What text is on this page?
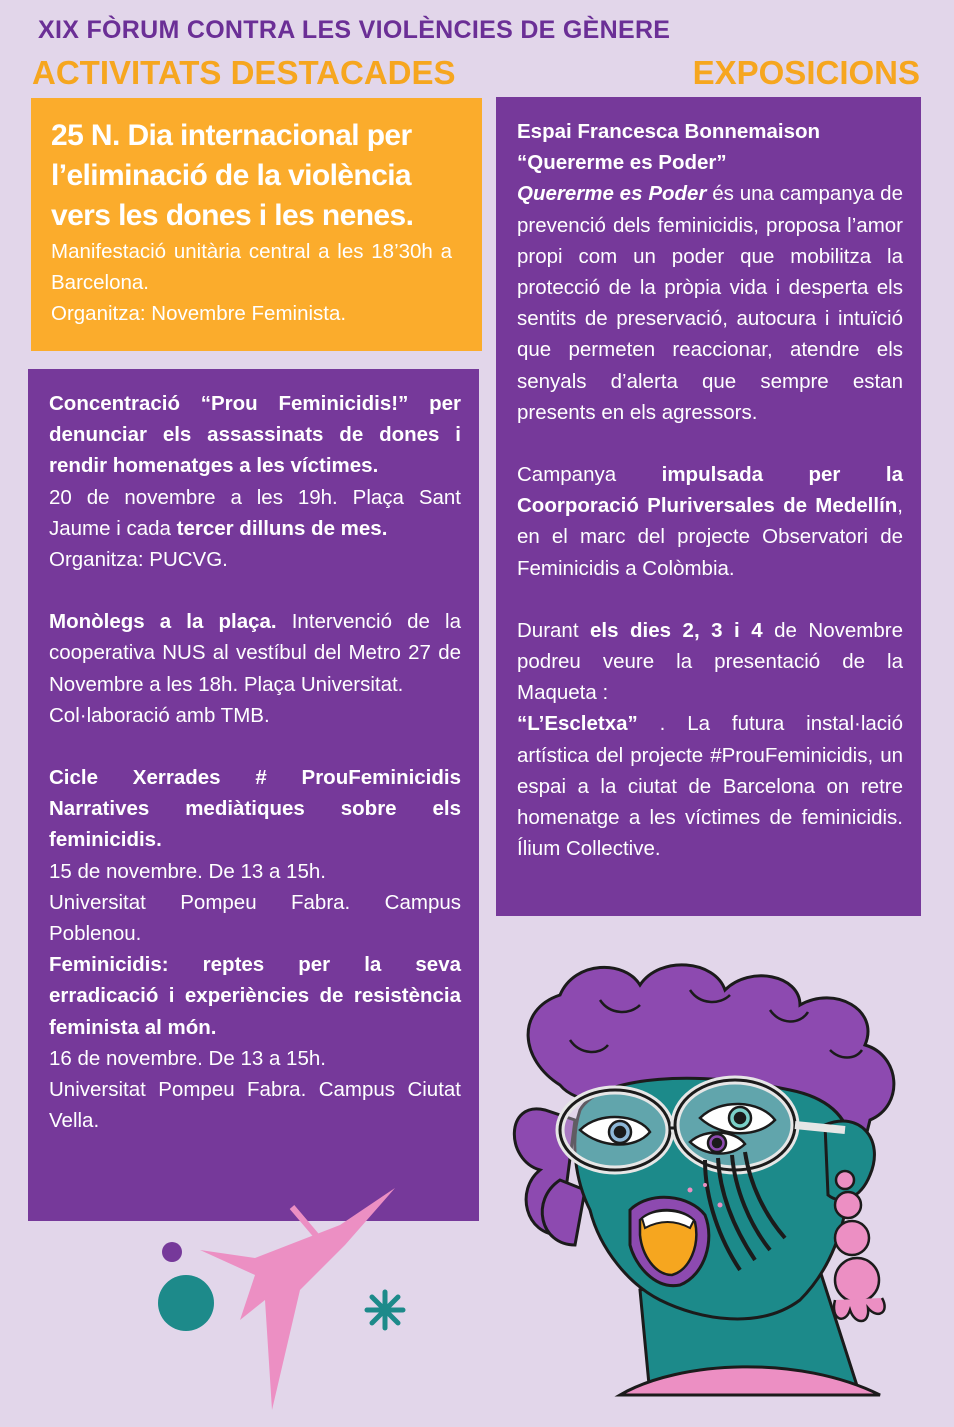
XIX FÒRUM CONTRA LES VIOLÈNCIES DE GÈNERE
ACTIVITATS DESTACADES	EXPOSICIONS
25 N. Dia internacional per l’eliminació de la violència vers les dones i les nenes.

Manifestació unitària central a les 18’30h a Barcelona.

Organitza: Novembre Feminista.

Concentració “Prou Feminicidis!” per denunciar els assassinats de dones i rendir homenatges a les víctimes.

20 de novembre a les 19h. Plaça Sant Jaume i cada tercer dilluns de mes.

Organitza: PUCVG.

Monòlegs a la plaça. Intervenció de la cooperativa NUS al vestíbul del Metro 27 de Novembre a les 18h. Plaça Universitat.

Col·laboració amb TMB.

Cicle Xerrades # ProuFeminicidis Narratives mediàtiques sobre els feminicidis.

15 de novembre. De 13 a 15h.

Universitat Pompeu Fabra. Campus Poblenou.

Feminicidis: reptes per la seva erradicació i experiències de resistència feminista al món.

16 de novembre. De 13 a 15h.

Universitat Pompeu Fabra. Campus Ciutat Vella.

Espai Francesca Bonnemaison

“Quererme es Poder”

Quererme es Poder és una campanya de prevenció dels feminicidis, proposa l’amor propi com un poder que mobilitza la protecció de la pròpia vida i desperta els sentits de preservació, autocura i intuïció que permeten reaccionar, atendre els senyals d’alerta que sempre estan presents en els agressors.

Campanya impulsada per la Coorporació Pluriversales de Medellín, en el marc del projecte Observatori de Feminicidis a Colòmbia.

Durant els dies 2, 3 i 4 de Novembre podreu veure la presentació de la Maqueta :

“L’Escletxa” . La futura instal·lació artística del projecte #ProuFeminicidis, un espai a la ciutat de Barcelona on retre homenatge a les víctimes de feminicidis. Ílium Collective.
